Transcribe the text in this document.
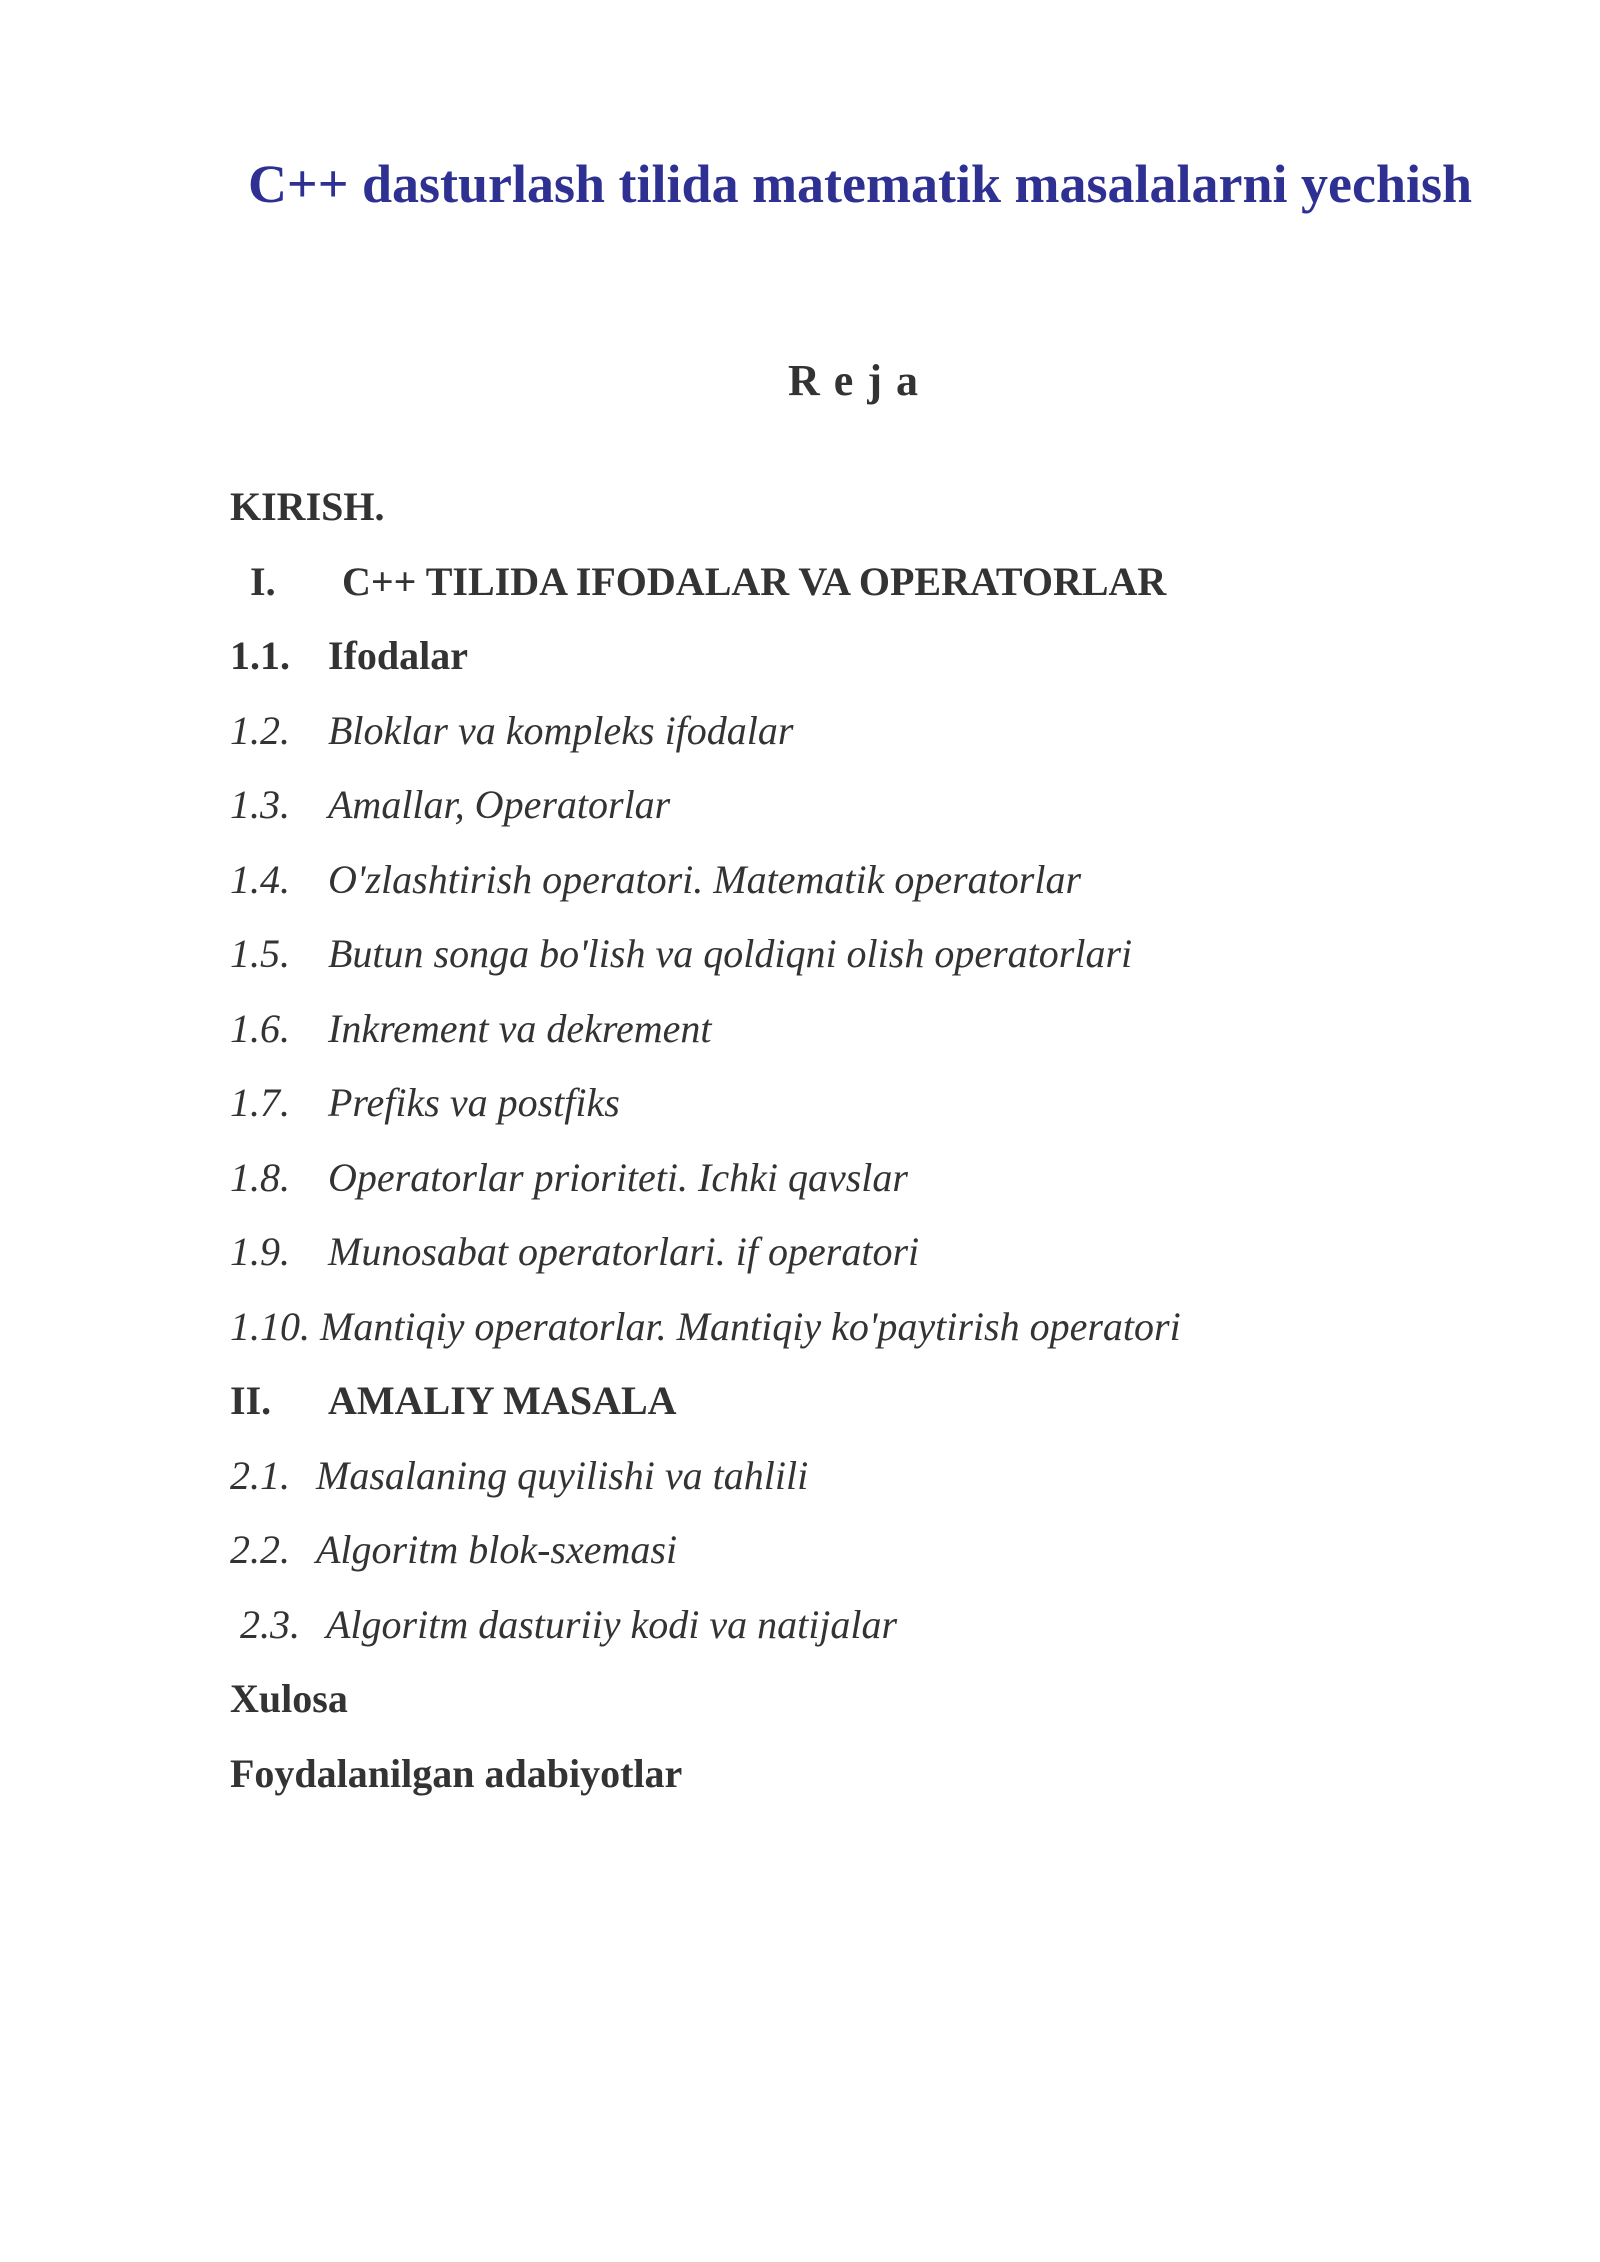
C++ dasturlash tilida matematik masalalarni yechish
Reja
KIRISH.
I. C++ TILIDA IFODALAR VA OPERATORLAR
1.1. Ifodalar
1.2. Bloklar va kompleks ifodalar
1.3. Amallar, Operatorlar
1.4. O'zlashtirish operatori. Matematik operatorlar
1.5. Butun songa bo'lish va qoldiqni olish operatorlari
1.6. Inkrement va dekrement
1.7. Prefiks va postfiks
1.8. Operatorlar prioriteti. Ichki qavslar
1.9. Munosabat operatorlari. if operatori
1.10. Mantiqiy operatorlar. Mantiqiy ko'paytirish operatori
II. AMALIY MASALA
2.1. Masalaning quyilishi va tahlili
2.2. Algoritm blok-sxemasi
2.3. Algoritm dasturiiy kodi va natijalar
Xulosa
Foydalanilgan adabiyotlar
